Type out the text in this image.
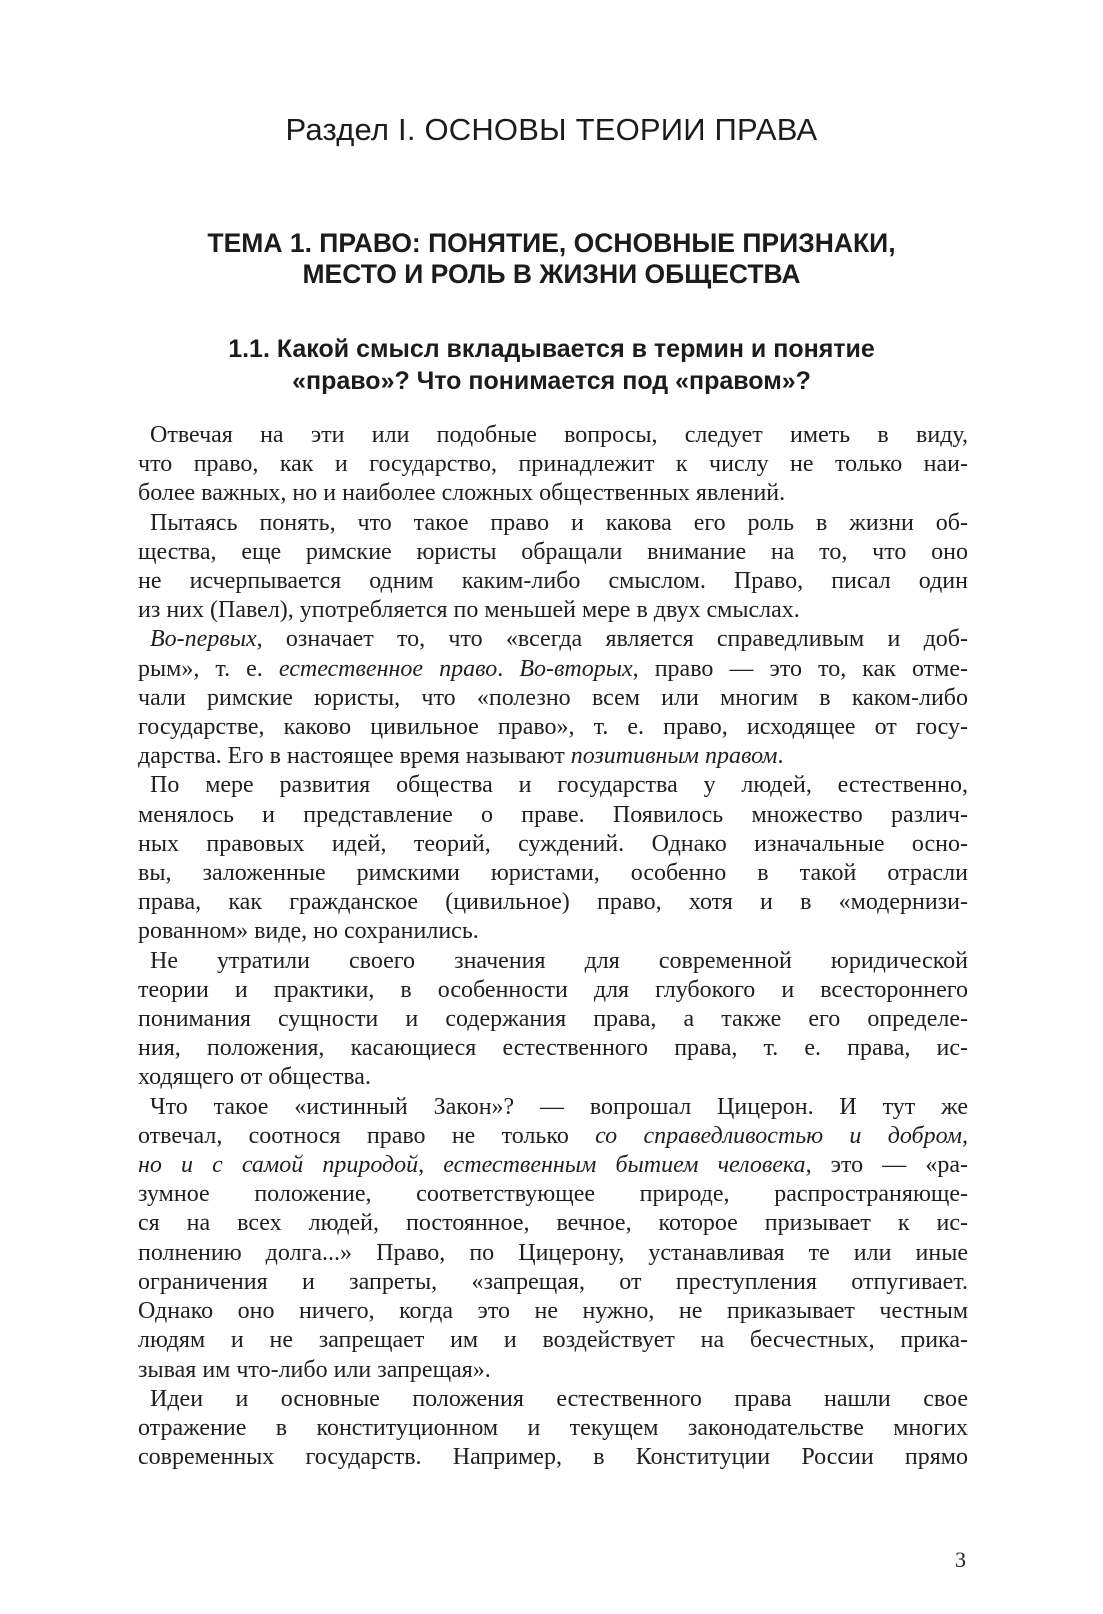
Раздел I. ОСНОВЫ ТЕОРИИ ПРАВА
ТЕМА 1. ПРАВО: ПОНЯТИЕ, ОСНОВНЫЕ ПРИЗНАКИ,
МЕСТО И РОЛЬ В ЖИЗНИ ОБЩЕСТВА
1.1. Какой смысл вкладывается в термин и понятие
«право»? Что понимается под «правом»?

Отвечая на эти или подобные вопросы, следует иметь в виду,
что право, как и государство, принадлежит к числу не только наи-
более важных, но и наиболее сложных общественных явлений.

Пытаясь понять, что такое право и какова его роль в жизни об-
щества, еще римские юристы обращали внимание на то, что оно
не исчерпывается одним каким-либо смыслом. Право, писал один
из них (Павел), употребляется по меньшей мере в двух смыслах.

Во-первых, означает то, что «всегда является справедливым и доб-
рым», т. е. естественное право. Во-вторых, право — это то, как отме-
чали римские юристы, что «полезно всем или многим в каком-либо
государстве, каково цивильное право», т. е. право, исходящее от госу-
дарства. Его в настоящее время называют позитивным правом.

По мере развития общества и государства у людей, естественно,
менялось и представление о праве. Появилось множество различ-
ных правовых идей, теорий, суждений. Однако изначальные осно-
вы, заложенные римскими юристами, особенно в такой отрасли
права, как гражданское (цивильное) право, хотя и в «модернизи-
рованном» виде, но сохранились.

Не утратили своего значения для современной юридической
теории и практики, в особенности для глубокого и всестороннего
понимания сущности и содержания права, а также его определе-
ния, положения, касающиеся естественного права, т. е. права, ис-
ходящего от общества.

Что такое «истинный Закон»? — вопрошал Цицерон. И тут же
отвечал, соотнося право не только со справедливостью и добром,
но и с самой природой, естественным бытием человека, это — «ра-
зумное положение, соответствующее природе, распространяюще-
ся на всех людей, постоянное, вечное, которое призывает к ис-
полнению долга...» Право, по Цицерону, устанавливая те или иные
ограничения и запреты, «запрещая, от преступления отпугивает.
Однако оно ничего, когда это не нужно, не приказывает честным
людям и не запрещает им и воздействует на бесчестных, прика-
зывая им что-либо или запрещая».

Идеи и основные положения естественного права нашли свое
отражение в конституционном и текущем законодательстве многих
современных государств. Например, в Конституции России прямо

3
